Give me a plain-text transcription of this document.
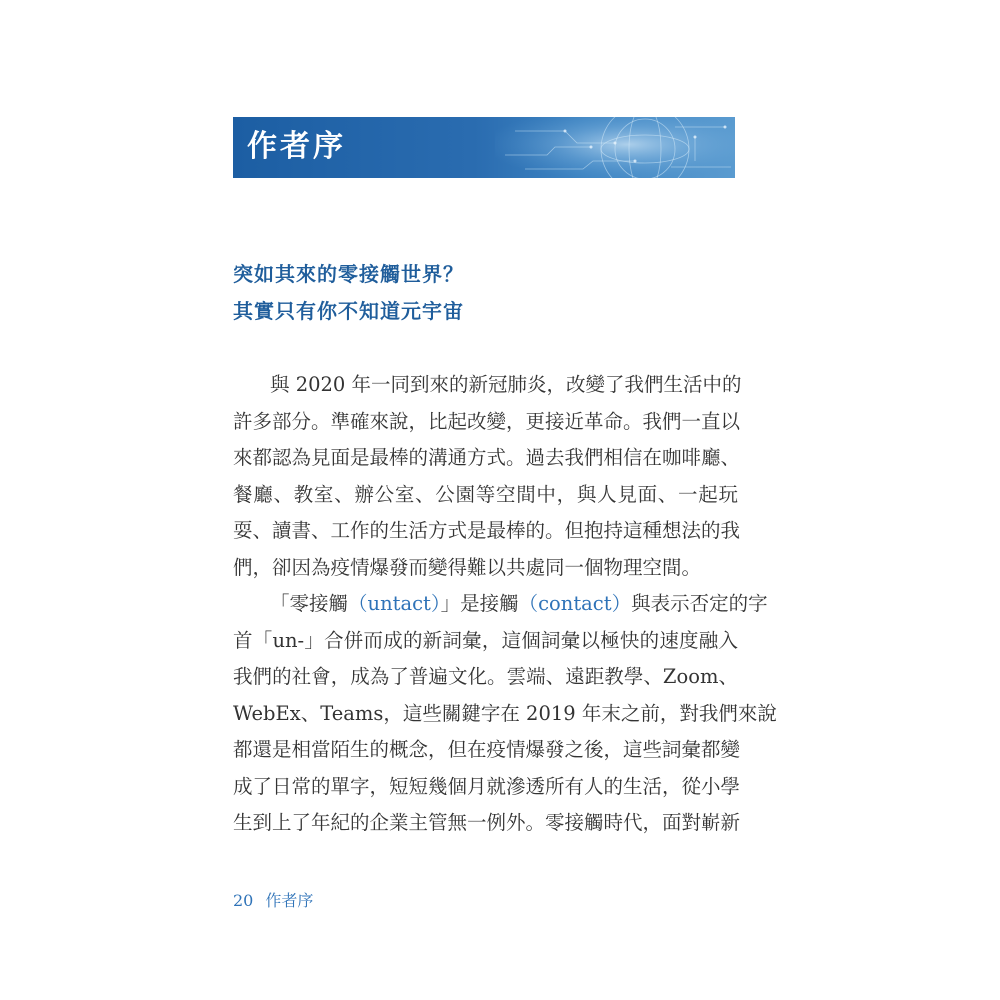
作者序
突如其來的零接觸世界？
其實只有你不知道元宇宙
與 2020 年一同到來的新冠肺炎，改變了我們生活中的
許多部分。準確來說，比起改變，更接近革命。我們一直以
來都認為見面是最棒的溝通方式。過去我們相信在咖啡廳、
餐廳、教室、辦公室、公園等空間中，與人見面、一起玩
耍、讀書、工作的生活方式是最棒的。但抱持這種想法的我
們，卻因為疫情爆發而變得難以共處同一個物理空間。
「零接觸（untact）」是接觸（contact）與表示否定的字
首「un-」合併而成的新詞彙，這個詞彙以極快的速度融入
我們的社會，成為了普遍文化。雲端、遠距教學、Zoom、
WebEx、Teams，這些關鍵字在 2019 年末之前，對我們來說
都還是相當陌生的概念，但在疫情爆發之後，這些詞彙都變
成了日常的單字，短短幾個月就滲透所有人的生活，從小學
生到上了年紀的企業主管無一例外。零接觸時代，面對嶄新
20 作者序
